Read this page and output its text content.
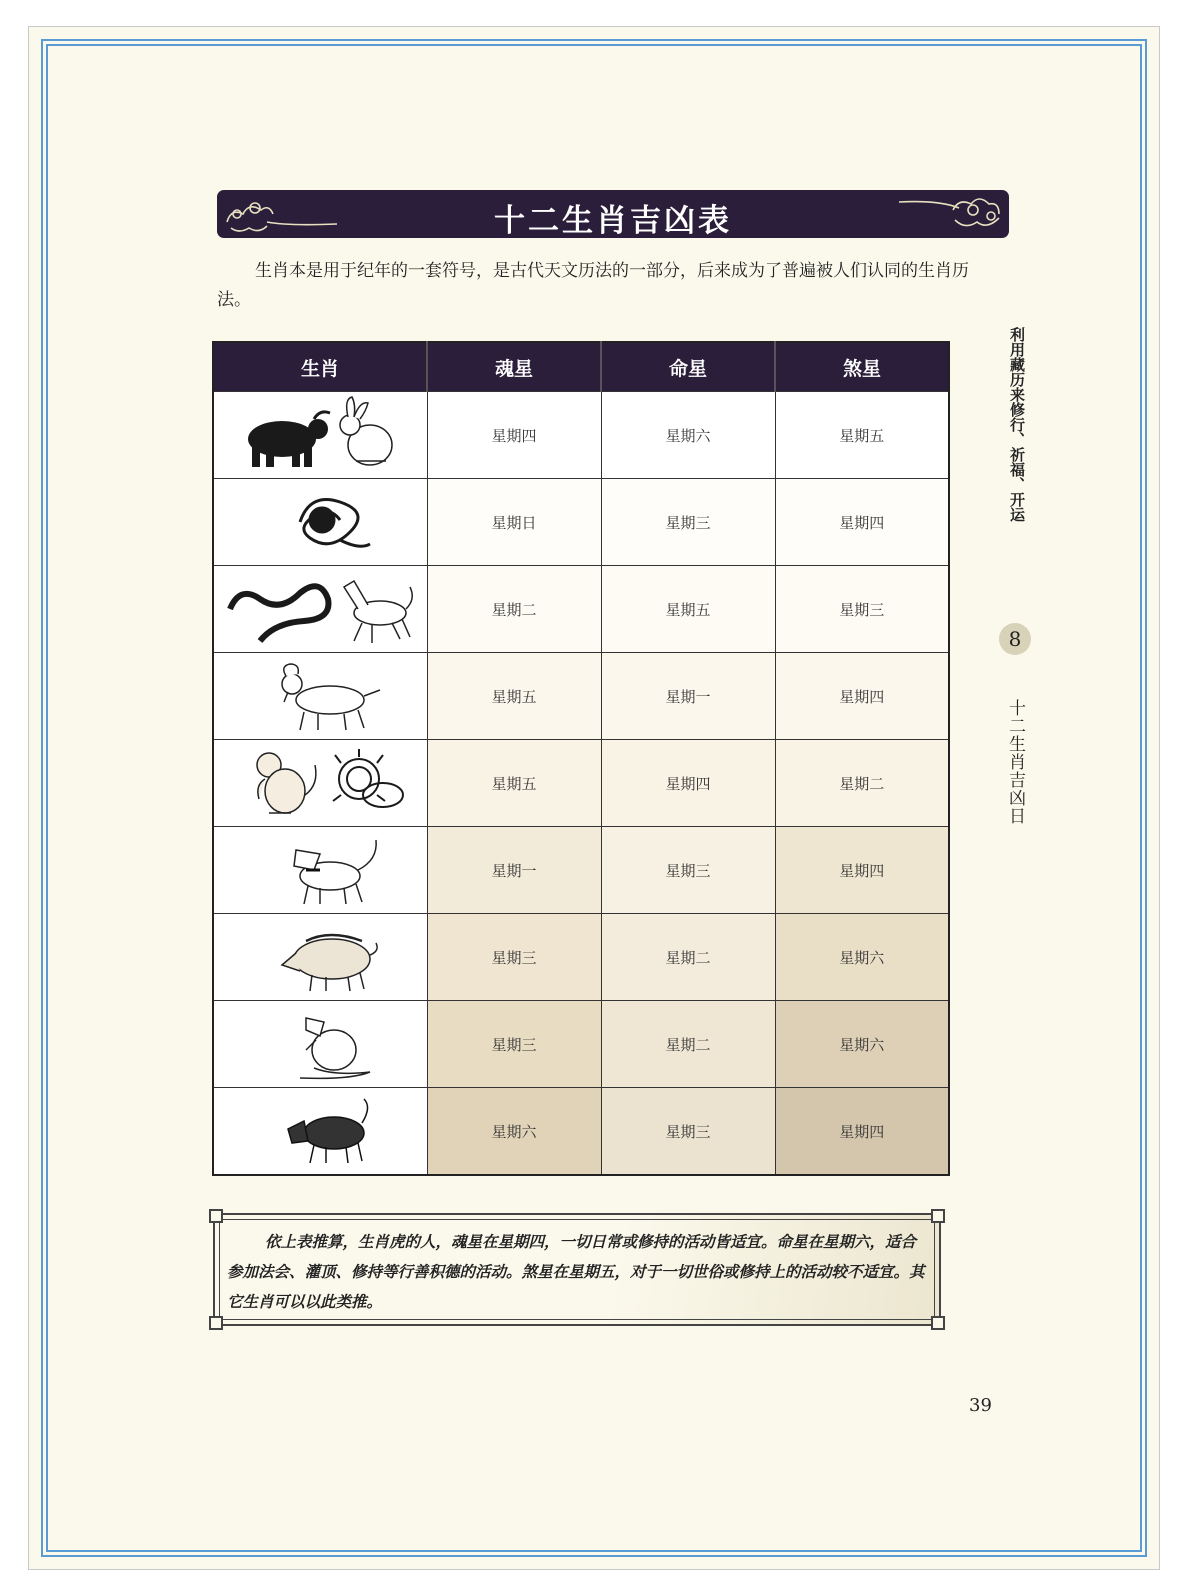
十二生肖吉凶表
生肖本是用于纪年的一套符号，是古代天文历法的一部分，后来成为了普遍被人们认同的生肖历法。
生肖	魂星	命星	煞星

	星期四	星期六	星期五

	星期日	星期三	星期四

	星期二	星期五	星期三

	星期五	星期一	星期四

	星期五	星期四	星期二

	星期一	星期三	星期四

	星期三	星期二	星期六

	星期三	星期二	星期六

	星期六	星期三	星期四
依上表推算，生肖虎的人，魂星在星期四，一切日常或修持的活动皆适宜。命星在星期六，适合参加法会、灌顶、修持等行善积德的活动。煞星在星期五，对于一切世俗或修持上的活动较不适宜。其它生肖可以以此类推。
利用藏历来修行、祈福、开运
8
十二生肖吉凶日
39
